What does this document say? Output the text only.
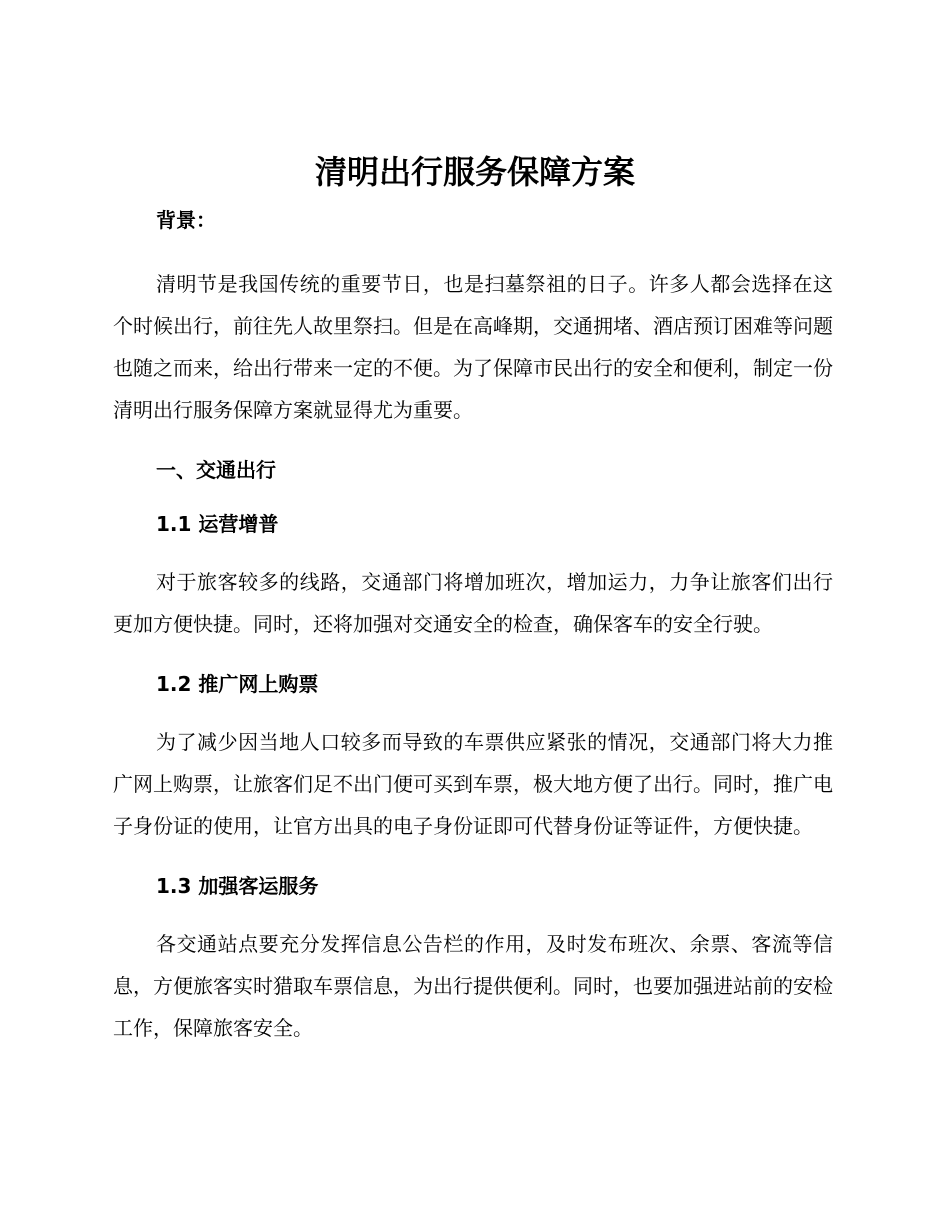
清明出行服务保障方案

背景：

清明节是我国传统的重要节日，也是扫墓祭祖的日子。许多人都会选择在这个时候出行，前往先人故里祭扫。但是在高峰期，交通拥堵、酒店预订困难等问题也随之而来，给出行带来一定的不便。为了保障市民出行的安全和便利，制定一份清明出行服务保障方案就显得尤为重要。

一、交通出行

1.1 运营增普

对于旅客较多的线路，交通部门将增加班次，增加运力，力争让旅客们出行更加方便快捷。同时，还将加强对交通安全的检查，确保客车的安全行驶。

1.2 推广网上购票

为了减少因当地人口较多而导致的车票供应紧张的情况，交通部门将大力推广网上购票，让旅客们足不出门便可买到车票，极大地方便了出行。同时，推广电子身份证的使用，让官方出具的电子身份证即可代替身份证等证件，方便快捷。

1.3 加强客运服务

各交通站点要充分发挥信息公告栏的作用，及时发布班次、余票、客流等信息，方便旅客实时猎取车票信息，为出行提供便利。同时，也要加强进站前的安检工作，保障旅客安全。
